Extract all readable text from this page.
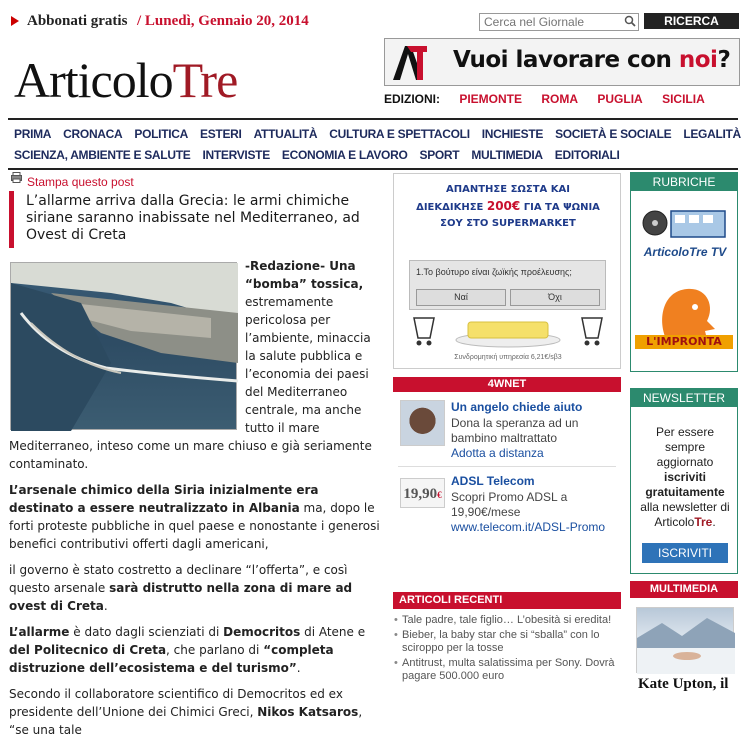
Abbonati gratis / Lunedì, Gennaio 20, 2014
Cerca nel Giornale	RICERCA
ArticoloTre	Vuoi lavorare con noi?
EDIZIONI: PIEMONTE ROMA PUGLIA SICILIA
PRIMA	CRONACA	POLITICA	ESTERI	ATTUALITÀ	CULTURA E SPETTACOLI	INCHIESTE	SOCIETÀ E SOCIALE	LEGALITÀ
SCIENZA, AMBIENTE E SALUTE	INTERVISTE	ECONOMIA E LAVORO	SPORT	MULTIMEDIA	EDITORIALI
Stampa questo post
L’allarme arriva dalla Grecia: le armi chimiche siriane saranno inabissate nel Mediterraneo, ad Ovest di Creta

-Redazione- Una “bomba” tossica, estremamente pericolosa per l’ambiente, minaccia la salute pubblica e l’economia dei paesi del Mediterraneo centrale, ma anche tutto il mare Mediterraneo, inteso come un mare chiuso e già seriamente contaminato.

L’arsenale chimico della Siria inizialmente era destinato a essere neutralizzato in Albania ma, dopo le forti proteste pubbliche in quel paese e nonostante i generosi benefici contributivi offerti dagli americani,

il governo è stato costretto a declinare “l’offerta”, e così questo arsenale sarà distrutto nella zona di mare ad ovest di Creta.

L’allarme è dato dagli scienziati di Democritos di Atene e del Politecnico di Creta, che parlano di “completa distruzione dell’ecosistema e del turismo”.

Secondo il collaboratore scientifico di Democritos ed ex presidente dell’Unione dei Chimici Greci, Nikos Katsaros, “se una tale

ΑΠΑΝΤΗΣΕ ΣΩΣΤΑ ΚΑΙ
ΔΙΕΚΔΙΚΗΣΕ 200€ ΓΙΑ ΤΑ ΨΩΝΙΑ
ΣΟΥ ΣΤΟ SUPERMARKET
1.Το βούτυρο είναι ζωϊκής προέλευσης;
Ναί	Όχι
Συνδρομητική υπηρεσία 6,21€/sβ3
4WNET
Un angelo chiede aiuto
Dona la speranza ad un bambino maltrattato
Adotta a distanza
19,90€
ADSL Telecom
Scopri Promo ADSL a 19,90€/mese
www.telecom.it/ADSL-Promo
ARTICOLI RECENTI
• Tale padre, tale figlio… L’obesità si eredita!
• Bieber, la baby star che si “sballa” con lo sciroppo per la tosse
• Antitrust, multa salatissima per Sony. Dovrà pagare 500.000 euro
RUBRICHE
ArticoloTre TV
L'IMPRONTA
NEWSLETTER
Per essere sempre aggiornato iscriviti gratuitamente alla newsletter di ArticoloTre.
ISCRIVITI
MULTIMEDIA
Kate Upton, il
